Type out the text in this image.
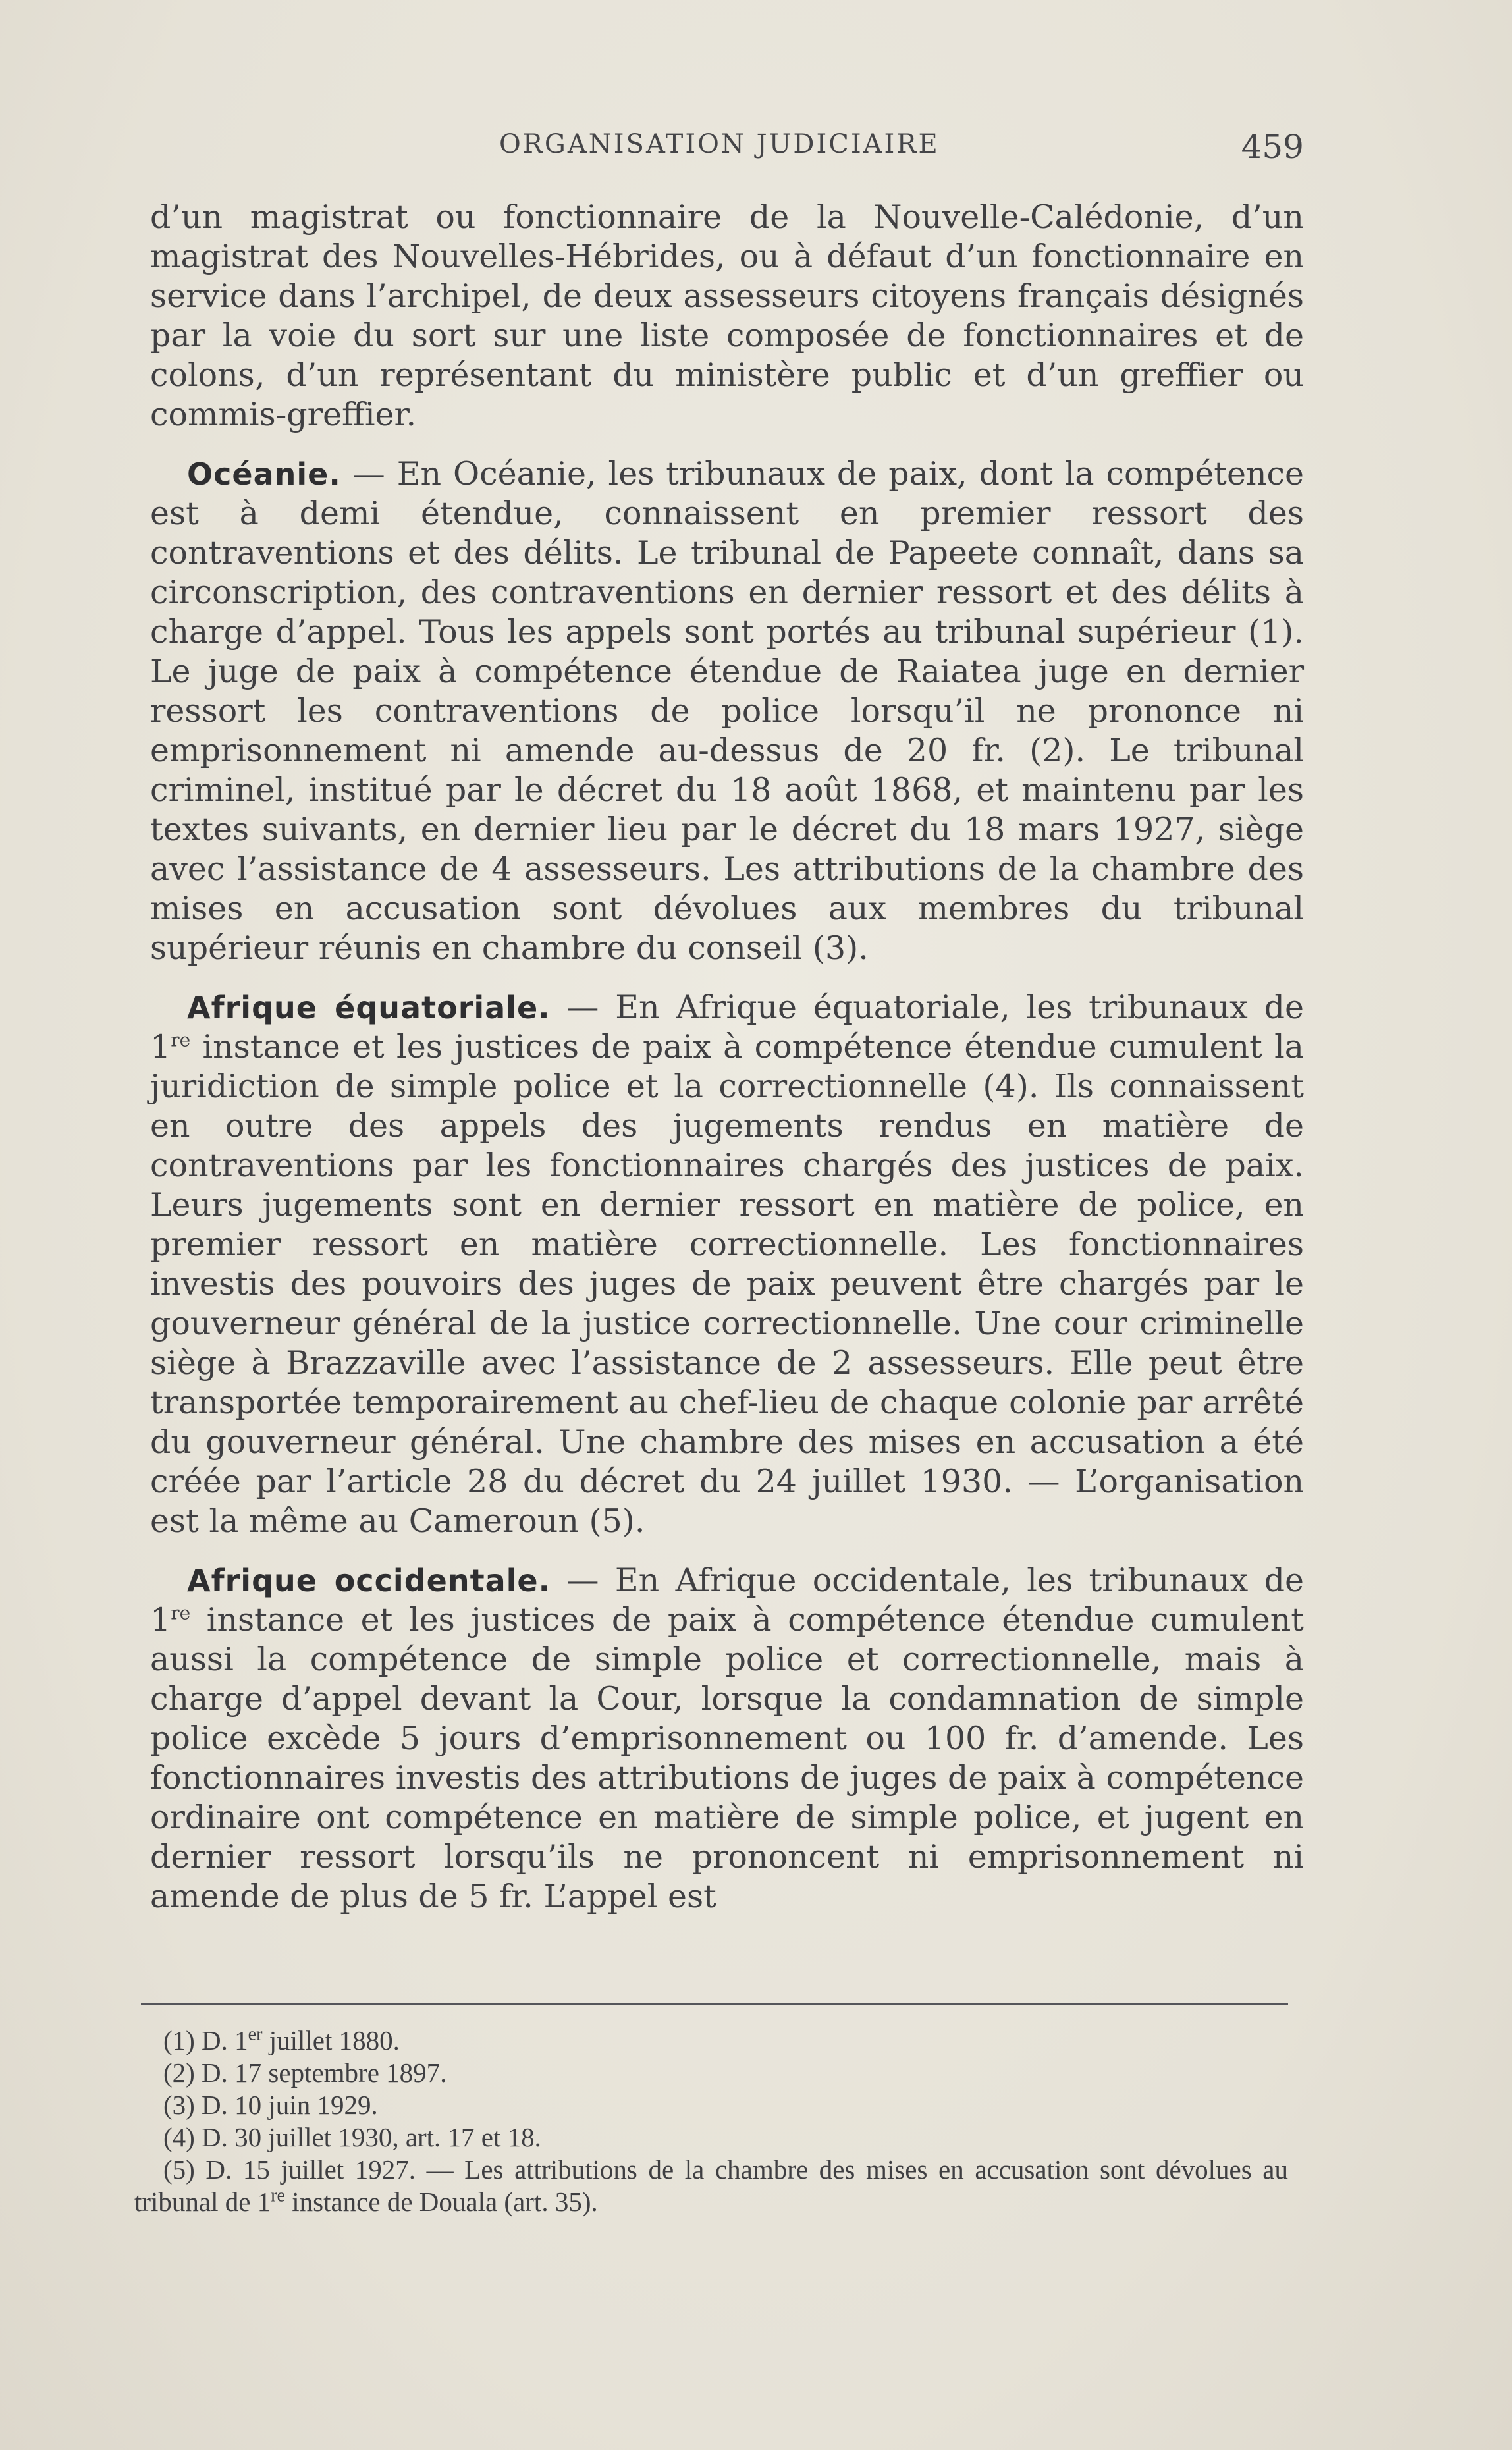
ORGANISATION JUDICIAIRE	459

d’un magistrat ou fonctionnaire de la Nouvelle-Calédonie, d’un magistrat des Nouvelles-Hébrides, ou à défaut d’un fonctionnaire en service dans l’archipel, de deux assesseurs citoyens français désignés par la voie du sort sur une liste composée de fonctionnaires et de colons, d’un représentant du ministère public et d’un greffier ou commis-greffier.

Océanie. — En Océanie, les tribunaux de paix, dont la compétence est à demi étendue, connaissent en premier ressort des contraventions et des délits. Le tribunal de Papeete connaît, dans sa circonscription, des contraventions en dernier ressort et des délits à charge d’appel. Tous les appels sont portés au tribunal supérieur (1). Le juge de paix à compétence étendue de Raiatea juge en dernier ressort les contraventions de police lorsqu’il ne prononce ni emprisonnement ni amende au-dessus de 20 fr. (2). Le tribunal criminel, institué par le décret du 18 août 1868, et maintenu par les textes suivants, en dernier lieu par le décret du 18 mars 1927, siège avec l’assistance de 4 assesseurs. Les attributions de la chambre des mises en accusation sont dévolues aux membres du tribunal supérieur réunis en chambre du conseil (3).

Afrique équatoriale. — En Afrique équatoriale, les tribunaux de 1re instance et les justices de paix à compétence étendue cumulent la juridiction de simple police et la correctionnelle (4). Ils connaissent en outre des appels des jugements rendus en matière de contraventions par les fonctionnaires chargés des justices de paix. Leurs jugements sont en dernier ressort en matière de police, en premier ressort en matière correctionnelle. Les fonctionnaires investis des pouvoirs des juges de paix peuvent être chargés par le gouverneur général de la justice correctionnelle. Une cour criminelle siège à Brazzaville avec l’assistance de 2 assesseurs. Elle peut être transportée temporairement au chef-lieu de chaque colonie par arrêté du gouverneur général. Une chambre des mises en accusation a été créée par l’article 28 du décret du 24 juillet 1930. — L’organisation est la même au Cameroun (5).

Afrique occidentale. — En Afrique occidentale, les tribunaux de 1re instance et les justices de paix à compétence étendue cumulent aussi la compétence de simple police et correctionnelle, mais à charge d’appel devant la Cour, lorsque la condamnation de simple police excède 5 jours d’emprisonnement ou 100 fr. d’amende. Les fonctionnaires investis des attributions de juges de paix à compétence ordinaire ont compétence en matière de simple police, et jugent en dernier ressort lorsqu’ils ne prononcent ni emprisonnement ni amende de plus de 5 fr. L’appel est

(1) D. 1er juillet 1880.

(2) D. 17 septembre 1897.

(3) D. 10 juin 1929.

(4) D. 30 juillet 1930, art. 17 et 18.

(5) D. 15 juillet 1927. — Les attributions de la chambre des mises en accusation sont dévolues au tribunal de 1re instance de Douala (art. 35).
